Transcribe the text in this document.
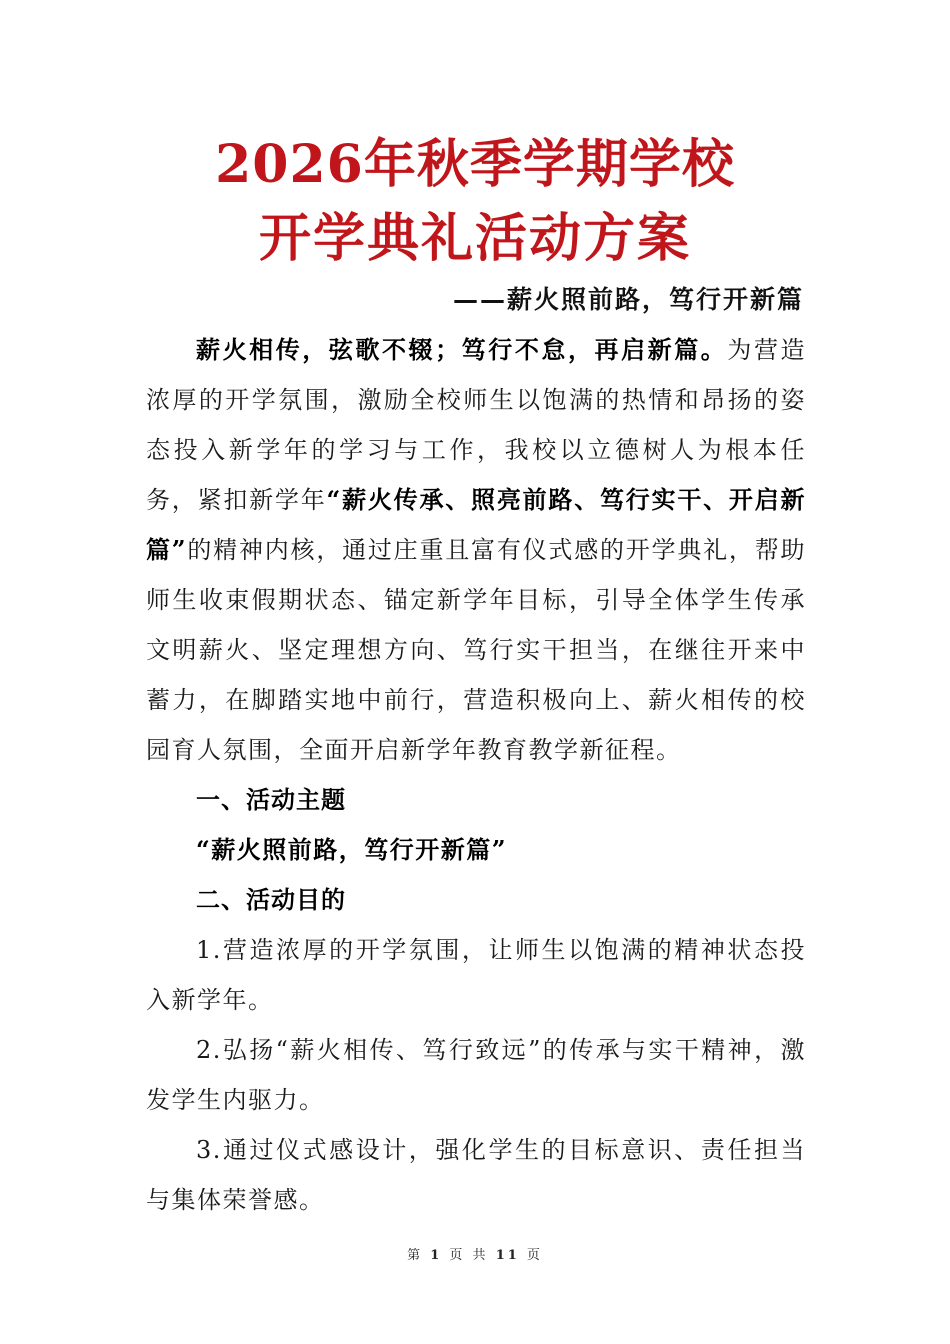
2026年秋季学期学校
开学典礼活动方案
——薪火照前路，笃行开新篇

薪火相传，弦歌不辍；笃行不怠，再启新篇。为营造浓厚的开学氛围，激励全校师生以饱满的热情和昂扬的姿态投入新学年的学习与工作，我校以立德树人为根本任务，紧扣新学年“薪火传承、照亮前路、笃行实干、开启新篇”的精神内核，通过庄重且富有仪式感的开学典礼，帮助师生收束假期状态、锚定新学年目标，引导全体学生传承文明薪火、坚定理想方向、笃行实干担当，在继往开来中蓄力，在脚踏实地中前行，营造积极向上、薪火相传的校园育人氛围，全面开启新学年教育教学新征程。

一、活动主题

“薪火照前路，笃行开新篇”

二、活动目的

1.营造浓厚的开学氛围，让师生以饱满的精神状态投入新学年。

2.弘扬“薪火相传、笃行致远”的传承与实干精神，激发学生内驱力。

3.通过仪式感设计，强化学生的目标意识、责任担当与集体荣誉感。

第 1 页 共 11 页
